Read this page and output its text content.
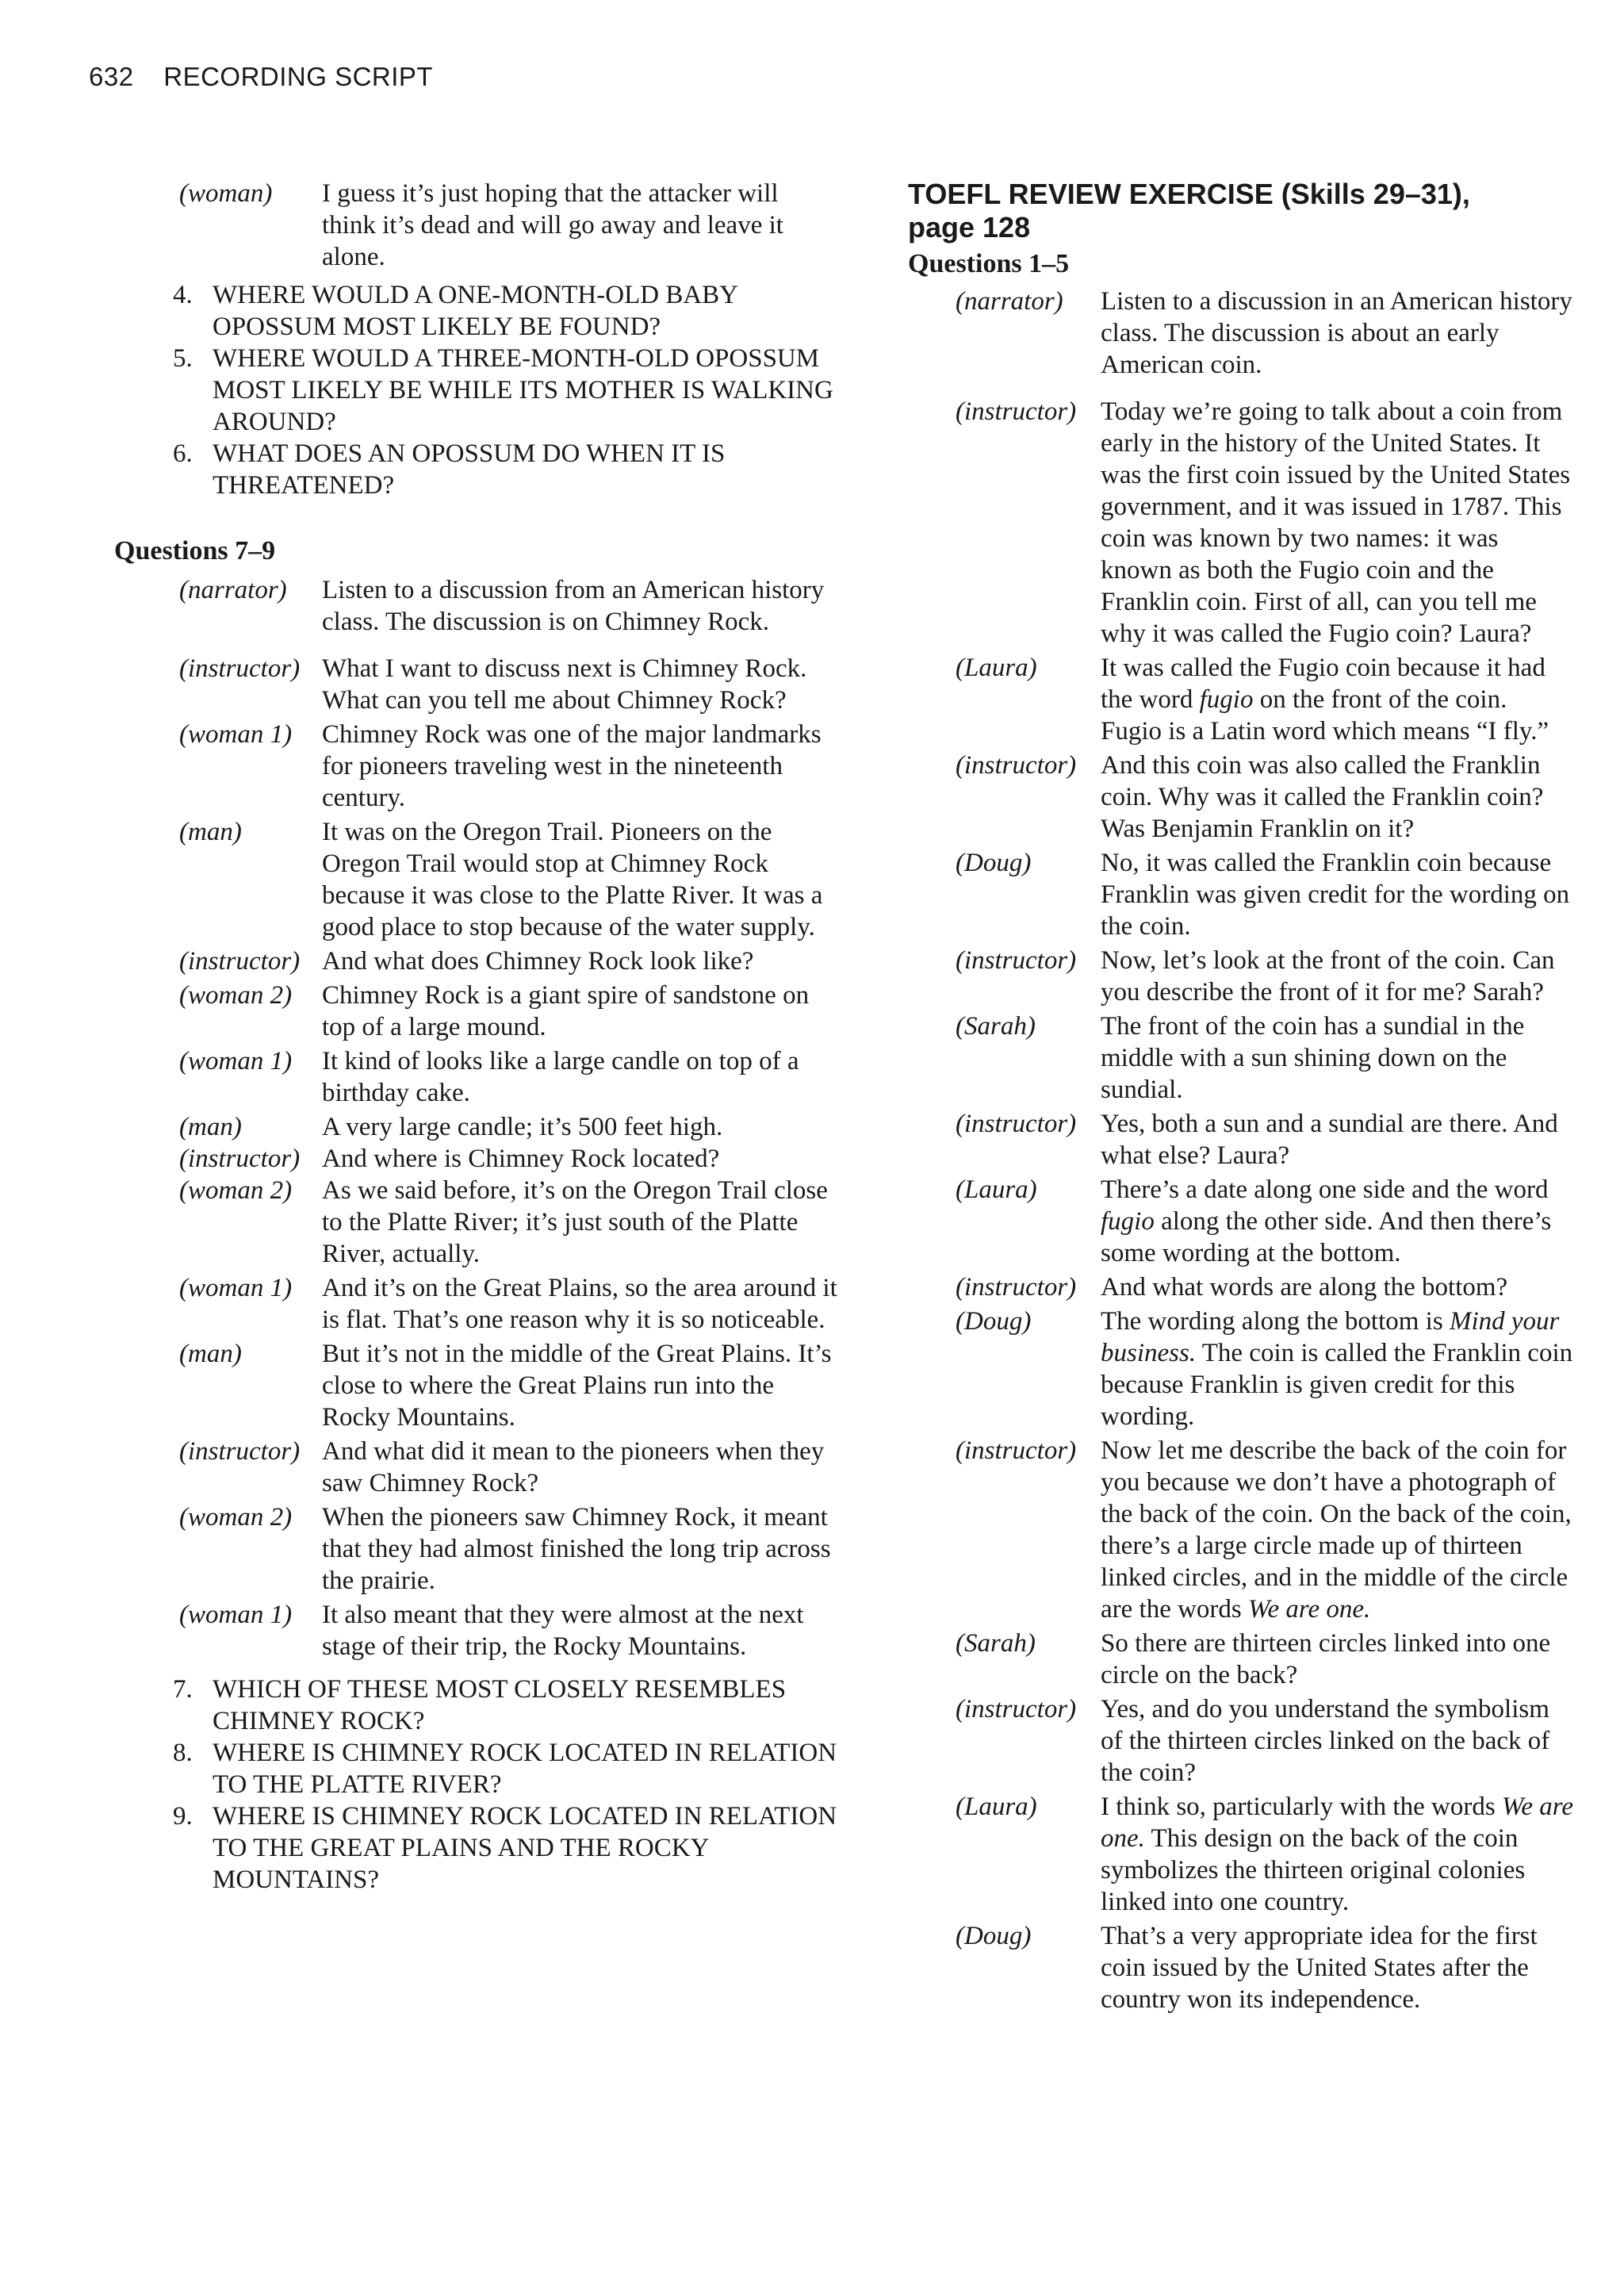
632 RECORDING SCRIPT
(woman)	I guess it’s just hoping that the attacker will think it’s dead and will go away and leave it alone.
4. WHERE WOULD A ONE-MONTH-OLD BABY OPOSSUM MOST LIKELY BE FOUND?
5. WHERE WOULD A THREE-MONTH-OLD OPOSSUM MOST LIKELY BE WHILE ITS MOTHER IS WALKING AROUND?
6. WHAT DOES AN OPOSSUM DO WHEN IT IS THREATENED?
Questions 7–9
(narrator)	Listen to a discussion from an American history class. The discussion is on Chimney Rock.
(instructor) What I want to discuss next is Chimney Rock. What can you tell me about Chimney Rock?
(woman 1)	Chimney Rock was one of the major landmarks for pioneers traveling west in the nineteenth century.
(man)	It was on the Oregon Trail. Pioneers on the Oregon Trail would stop at Chimney Rock because it was close to the Platte River. It was a good place to stop because of the water supply.
(instructor) And what does Chimney Rock look like?
(woman 2)	Chimney Rock is a giant spire of sandstone on top of a large mound.
(woman 1)	It kind of looks like a large candle on top of a birthday cake.
(man)	A very large candle; it’s 500 feet high.
(instructor) And where is Chimney Rock located?
(woman 2)	As we said before, it’s on the Oregon Trail close to the Platte River; it’s just south of the Platte River, actually.
(woman 1)	And it’s on the Great Plains, so the area around it is flat. That’s one reason why it is so noticeable.
(man)	But it’s not in the middle of the Great Plains. It’s close to where the Great Plains run into the Rocky Mountains.
(instructor) And what did it mean to the pioneers when they saw Chimney Rock?
(woman 2)	When the pioneers saw Chimney Rock, it meant that they had almost finished the long trip across the prairie.
(woman 1)	It also meant that they were almost at the next stage of their trip, the Rocky Mountains.
7. WHICH OF THESE MOST CLOSELY RESEMBLES CHIMNEY ROCK?
8. WHERE IS CHIMNEY ROCK LOCATED IN RELATION TO THE PLATTE RIVER?
9. WHERE IS CHIMNEY ROCK LOCATED IN RELATION TO THE GREAT PLAINS AND THE ROCKY MOUNTAINS?
TOEFL REVIEW EXERCISE (Skills 29–31),
page 128
Questions 1–5
(narrator)	Listen to a discussion in an American history class. The discussion is about an early American coin.
(instructor) Today we’re going to talk about a coin from early in the history of the United States. It was the first coin issued by the United States government, and it was issued in 1787. This coin was known by two names: it was known as both the Fugio coin and the Franklin coin. First of all, can you tell me why it was called the Fugio coin? Laura?
(Laura)	It was called the Fugio coin because it had the word fugio on the front of the coin. Fugio is a Latin word which means “I fly.”
(instructor) And this coin was also called the Franklin coin. Why was it called the Franklin coin? Was Benjamin Franklin on it?
(Doug)	No, it was called the Franklin coin because Franklin was given credit for the wording on the coin.
(instructor) Now, let’s look at the front of the coin. Can you describe the front of it for me? Sarah?
(Sarah)	The front of the coin has a sundial in the middle with a sun shining down on the sundial.
(instructor) Yes, both a sun and a sundial are there. And what else? Laura?
(Laura)	There’s a date along one side and the word fugio along the other side. And then there’s some wording at the bottom.
(instructor) And what words are along the bottom?
(Doug)	The wording along the bottom is Mind your business. The coin is called the Franklin coin because Franklin is given credit for this wording.
(instructor) Now let me describe the back of the coin for you because we don’t have a photograph of the back of the coin. On the back of the coin, there’s a large circle made up of thirteen linked circles, and in the middle of the circle are the words We are one.
(Sarah)	So there are thirteen circles linked into one circle on the back?
(instructor) Yes, and do you understand the symbolism of the thirteen circles linked on the back of the coin?
(Laura)	I think so, particularly with the words We are one. This design on the back of the coin symbolizes the thirteen original colonies linked into one country.
(Doug)	That’s a very appropriate idea for the first coin issued by the United States after the country won its independence.
